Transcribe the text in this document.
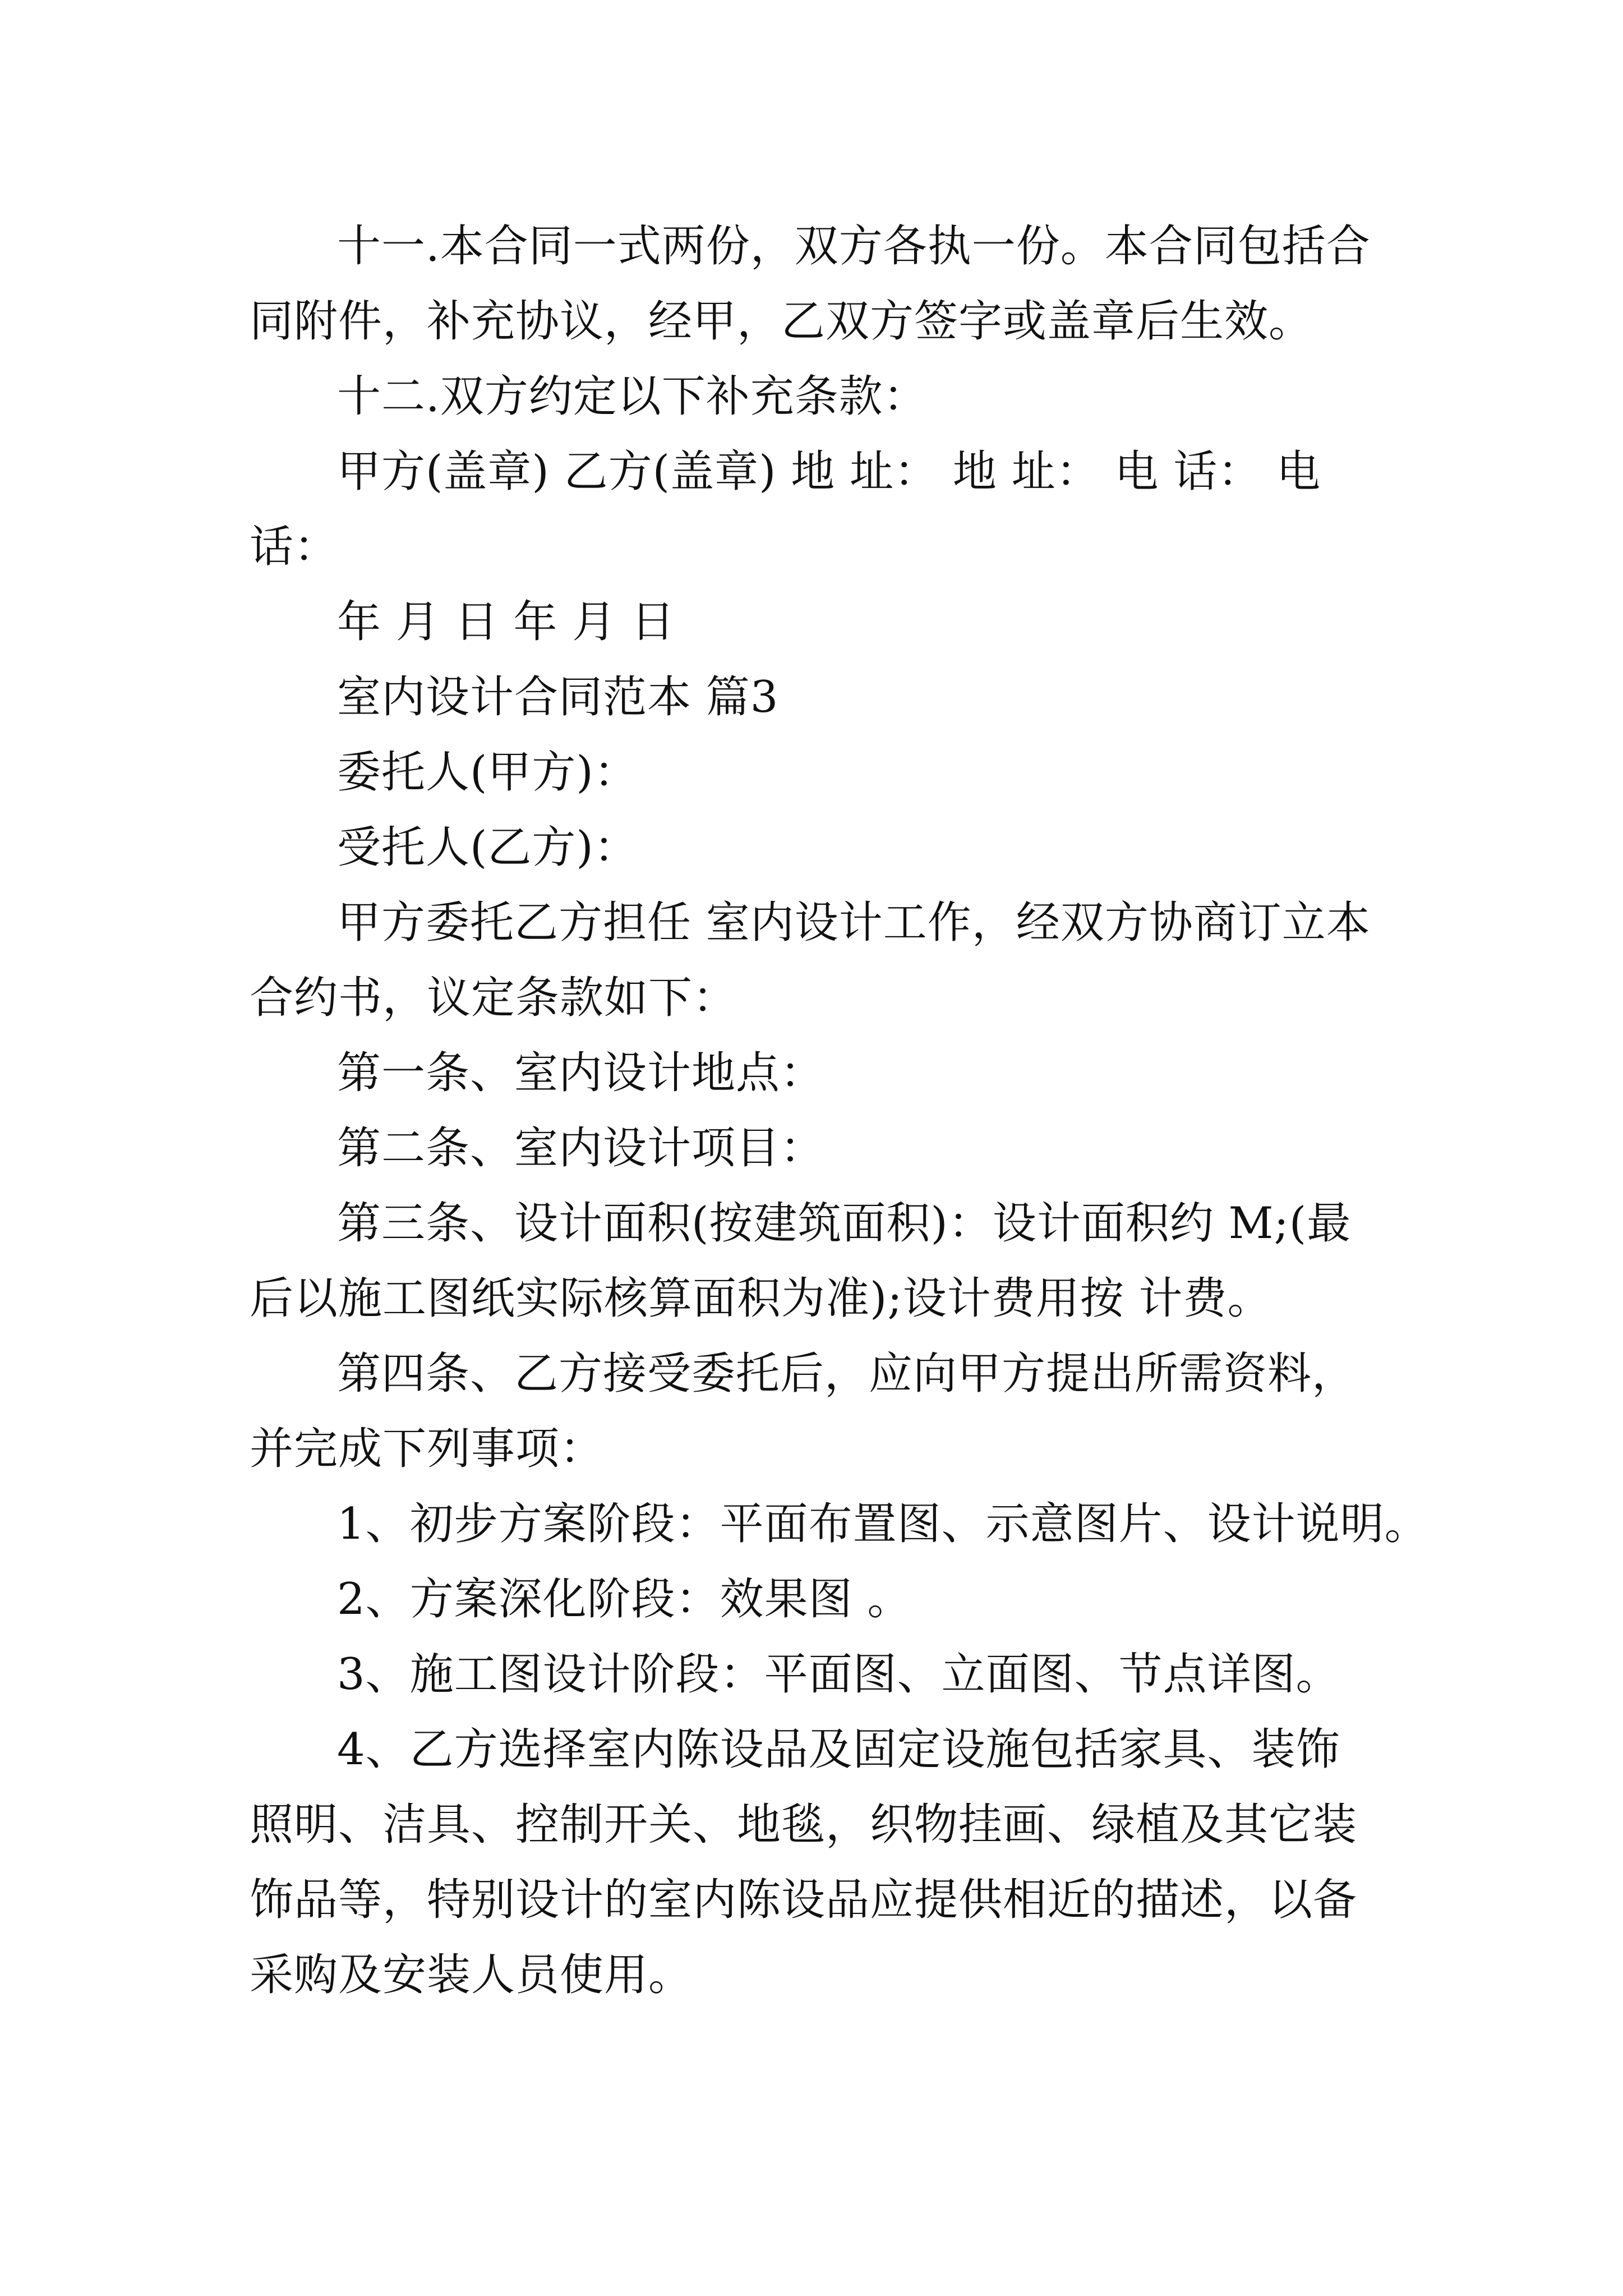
十一.本合同一式两份，双方各执一份。本合同包括合同附件，补充协议，经甲，乙双方签字或盖章后生效。

十二.双方约定以下补充条款：

甲方(盖章) 乙方(盖章) 地 址： 地 址： 电 话： 电话：

年 月 日 年 月 日

室内设计合同范本 篇3

委托人(甲方)：

受托人(乙方)：

甲方委托乙方担任 室内设计工作，经双方协商订立本合约书，议定条款如下：

第一条、室内设计地点：

第二条、室内设计项目：

第三条、设计面积(按建筑面积)：设计面积约 M;(最后以施工图纸实际核算面积为准);设计费用按 计费。

第四条、乙方接受委托后，应向甲方提出所需资料，并完成下列事项：

1、初步方案阶段：平面布置图、示意图片、设计说明。

2、方案深化阶段：效果图 。

3、施工图设计阶段：平面图、立面图、节点详图。

4、乙方选择室内陈设品及固定设施包括家具、装饰照明、洁具、控制开关、地毯，织物挂画、绿植及其它装饰品等，特别设计的室内陈设品应提供相近的描述，以备采购及安装人员使用。
